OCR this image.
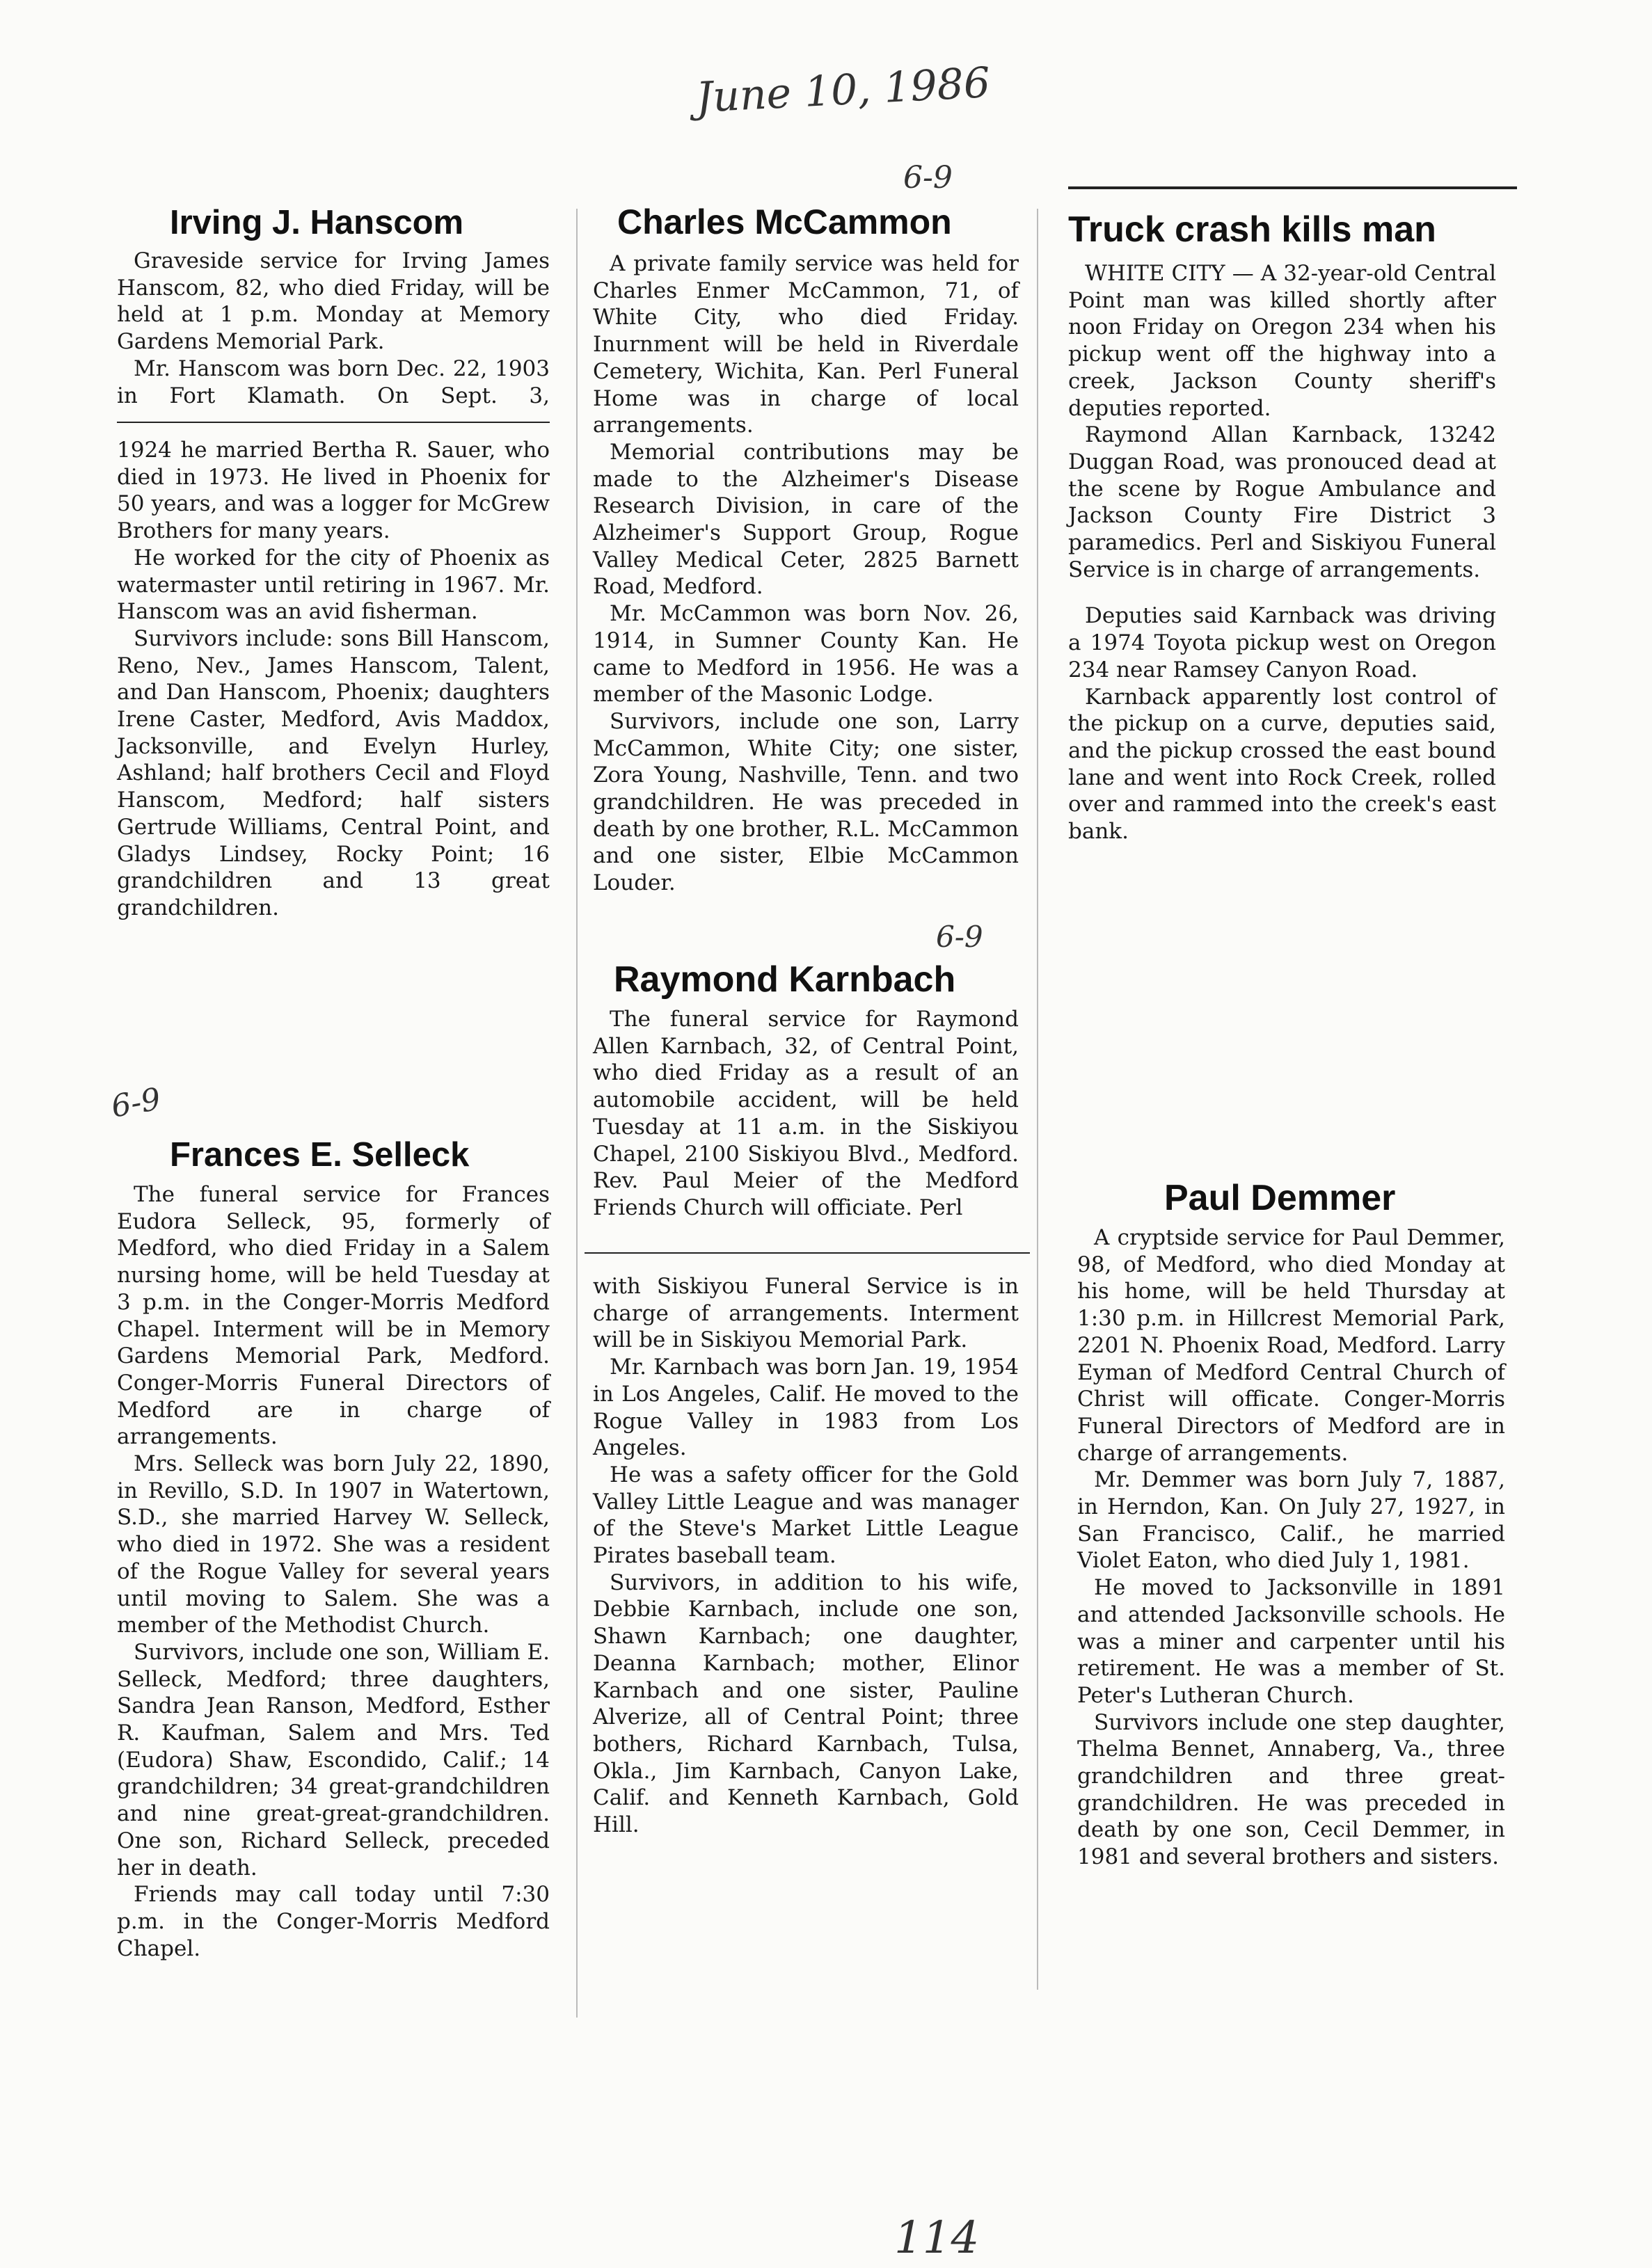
June 10, 1986
6-9
6-9
6-9
114
Irving J. Hanscom

Graveside service for Irving James Hanscom, 82, who died Friday, will be held at 1 p.m. Monday at Memory Gardens Memorial Park.

Mr. Hanscom was born Dec. 22, 1903 in Fort Klamath. On Sept. 3,

1924 he married Bertha R. Sauer, who died in 1973. He lived in Phoenix for 50 years, and was a logger for McGrew Brothers for many years.

He worked for the city of Phoenix as watermaster until retiring in 1967. Mr. Hanscom was an avid fisherman.

Survivors include: sons Bill Hanscom, Reno, Nev., James Hanscom, Talent, and Dan Hanscom, Phoenix; daughters Irene Caster, Medford, Avis Maddox, Jacksonville, and Evelyn Hurley, Ashland; half brothers Cecil and Floyd Hanscom, Medford; half sisters Gertrude Williams, Central Point, and Gladys Lindsey, Rocky Point; 16 grandchildren and 13 great grandchildren.

Frances E. Selleck

The funeral service for Frances Eudora Selleck, 95, formerly of Medford, who died Friday in a Salem nursing home, will be held Tuesday at 3 p.m. in the Conger-Morris Medford Chapel. Interment will be in Memory Gardens Memorial Park, Medford. Conger-Morris Funeral Directors of Medford are in charge of arrangements.

Mrs. Selleck was born July 22, 1890, in Revillo, S.D. In 1907 in Watertown, S.D., she married Harvey W. Selleck, who died in 1972. She was a resident of the Rogue Valley for several years until moving to Salem. She was a member of the Methodist Church.

Survivors, include one son, William E. Selleck, Medford; three daughters, Sandra Jean Ranson, Medford, Esther R. Kaufman, Salem and Mrs. Ted (Eudora) Shaw, Escondido, Calif.; 14 grandchildren; 34 great-grandchildren and nine great-great-grandchildren. One son, Richard Selleck, preceded her in death.

Friends may call today until 7:30 p.m. in the Conger-Morris Medford Chapel.

Charles McCammon

A private family service was held for Charles Enmer McCammon, 71, of White City, who died Friday. Inurnment will be held in Riverdale Cemetery, Wichita, Kan. Perl Funeral Home was in charge of local arrangements.

Memorial contributions may be made to the Alzheimer's Disease Research Division, in care of the Alzheimer's Support Group, Rogue Valley Medical Ceter, 2825 Barnett Road, Medford.

Mr. McCammon was born Nov. 26, 1914, in Sumner County Kan. He came to Medford in 1956. He was a member of the Masonic Lodge.

Survivors, include one son, Larry McCammon, White City; one sister, Zora Young, Nashville, Tenn. and two grandchildren. He was preceded in death by one brother, R.L. McCammon and one sister, Elbie McCammon Louder.

Raymond Karnbach

The funeral service for Raymond Allen Karnbach, 32, of Central Point, who died Friday as a result of an automobile accident, will be held Tuesday at 11 a.m. in the Siskiyou Chapel, 2100 Siskiyou Blvd., Medford. Rev. Paul Meier of the Medford Friends Church will officiate. Perl

with Siskiyou Funeral Service is in charge of arrangements. Interment will be in Siskiyou Memorial Park.

Mr. Karnbach was born Jan. 19, 1954 in Los Angeles, Calif. He moved to the Rogue Valley in 1983 from Los Angeles.

He was a safety officer for the Gold Valley Little League and was manager of the Steve's Market Little League Pirates baseball team.

Survivors, in addition to his wife, Debbie Karnbach, include one son, Shawn Karnbach; one daughter, Deanna Karnbach; mother, Elinor Karnbach and one sister, Pauline Alverize, all of Central Point; three bothers, Richard Karnbach, Tulsa, Okla., Jim Karnbach, Canyon Lake, Calif. and Kenneth Karnbach, Gold Hill.

Truck crash kills man

WHITE CITY — A 32-year-old Central Point man was killed shortly after noon Friday on Oregon 234 when his pickup went off the highway into a creek, Jackson County sheriff's deputies reported.

Raymond Allan Karnback, 13242 Duggan Road, was pronouced dead at the scene by Rogue Ambulance and Jackson County Fire District 3 paramedics. Perl and Siskiyou Funeral Service is in charge of arrangements.

Deputies said Karnback was driving a 1974 Toyota pickup west on Oregon 234 near Ramsey Canyon Road.

Karnback apparently lost control of the pickup on a curve, deputies said, and the pickup crossed the east bound lane and went into Rock Creek, rolled over and rammed into the creek's east bank.

Paul Demmer

A cryptside service for Paul Demmer, 98, of Medford, who died Monday at his home, will be held Thursday at 1:30 p.m. in Hillcrest Memorial Park, 2201 N. Phoenix Road, Medford. Larry Eyman of Medford Central Church of Christ will officate. Conger-Morris Funeral Directors of Medford are in charge of arrangements.

Mr. Demmer was born July 7, 1887, in Herndon, Kan. On July 27, 1927, in San Francisco, Calif., he married Violet Eaton, who died July 1, 1981.

He moved to Jacksonville in 1891 and attended Jacksonville schools. He was a miner and carpenter until his retirement. He was a member of St. Peter's Lutheran Church.

Survivors include one step daughter, Thelma Bennet, Annaberg, Va., three grandchildren and three great-grandchildren. He was preceded in death by one son, Cecil Demmer, in 1981 and several brothers and sisters.
